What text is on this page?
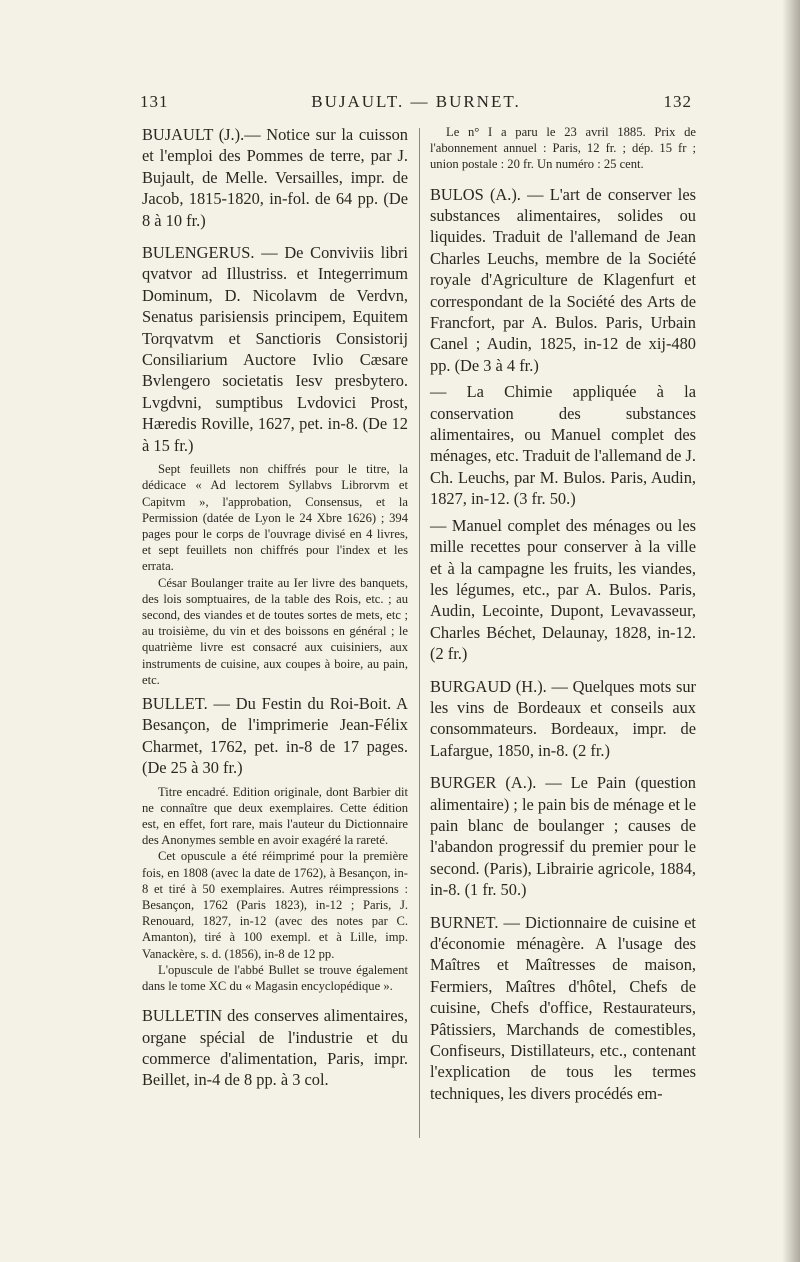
131	BUJAULT. — BURNET.	132

BUJAULT (J.).— Notice sur la cuisson et l'emploi des Pommes de terre, par J. Bujault, de Melle. Versailles, impr. de Jacob, 1815-1820, in-fol. de 64 pp. (De 8 à 10 fr.)

BULENGERUS. — De Conviviis libri qvatvor ad Illustriss. et Integerrimum Dominum, D. Nicolavm de Verdvn, Senatus parisiensis principem, Equitem Torqvatvm et Sanctioris Consistorij Consiliarium Auctore Ivlio Cæsare Bvlengero societatis Iesv presbytero. Lvgdvni, sumptibus Lvdovici Prost, Hæredis Roville, 1627, pet. in-8. (De 12 à 15 fr.)

Sept feuillets non chiffrés pour le titre, la dédicace « Ad lectorem Syllabvs Librorvm et Capitvm », l'approbation, Consensus, et la Permission (datée de Lyon le 24 Xbre 1626) ; 394 pages pour le corps de l'ouvrage divisé en 4 livres, et sept feuillets non chiffrés pour l'index et les errata.

César Boulanger traite au Ier livre des banquets, des lois somptuaires, de la table des Rois, etc. ; au second, des viandes et de toutes sortes de mets, etc ; au troisième, du vin et des boissons en général ; le quatrième livre est consacré aux cuisiniers, aux instruments de cuisine, aux coupes à boire, au pain, etc.

BULLET. — Du Festin du Roi-Boit. A Besançon, de l'imprimerie Jean-Félix Charmet, 1762, pet. in-8 de 17 pages. (De 25 à 30 fr.)

Titre encadré. Edition originale, dont Barbier dit ne connaître que deux exemplaires. Cette édition est, en effet, fort rare, mais l'auteur du Dictionnaire des Anonymes semble en avoir exagéré la rareté.

Cet opuscule a été réimprimé pour la première fois, en 1808 (avec la date de 1762), à Besançon, in-8 et tiré à 50 exemplaires. Autres réimpressions : Besançon, 1762 (Paris 1823), in-12 ; Paris, J. Renouard, 1827, in-12 (avec des notes par C. Amanton), tiré à 100 exempl. et à Lille, imp. Vanackère, s. d. (1856), in-8 de 12 pp.

L'opuscule de l'abbé Bullet se trouve également dans le tome XC du « Magasin encyclopédique ».

BULLETIN des conserves alimentaires, organe spécial de l'industrie et du commerce d'alimentation, Paris, impr. Beillet, in-4 de 8 pp. à 3 col.

Le n° I a paru le 23 avril 1885. Prix de l'abonnement annuel : Paris, 12 fr. ; dép. 15 fr ; union postale : 20 fr. Un numéro : 25 cent.

BULOS (A.). — L'art de conserver les substances alimentaires, solides ou liquides. Traduit de l'allemand de Jean Charles Leuchs, membre de la Société royale d'Agriculture de Klagenfurt et correspondant de la Société des Arts de Francfort, par A. Bulos. Paris, Urbain Canel ; Audin, 1825, in-12 de xij-480 pp. (De 3 à 4 fr.)

— La Chimie appliquée à la conservation des substances alimentaires, ou Manuel complet des ménages, etc. Traduit de l'allemand de J. Ch. Leuchs, par M. Bulos. Paris, Audin, 1827, in-12. (3 fr. 50.)

— Manuel complet des ménages ou les mille recettes pour conserver à la ville et à la campagne les fruits, les viandes, les légumes, etc., par A. Bulos. Paris, Audin, Lecointe, Dupont, Levavasseur, Charles Béchet, Delaunay, 1828, in-12. (2 fr.)

BURGAUD (H.). — Quelques mots sur les vins de Bordeaux et conseils aux consommateurs. Bordeaux, impr. de Lafargue, 1850, in-8. (2 fr.)

BURGER (A.). — Le Pain (question alimentaire) ; le pain bis de ménage et le pain blanc de boulanger ; causes de l'abandon progressif du premier pour le second. (Paris), Librairie agricole, 1884, in-8. (1 fr. 50.)

BURNET. — Dictionnaire de cuisine et d'économie ménagère. A l'usage des Maîtres et Maîtresses de maison, Fermiers, Maîtres d'hôtel, Chefs de cuisine, Chefs d'office, Restaurateurs, Pâtissiers, Marchands de comestibles, Confiseurs, Distillateurs, etc., contenant l'explication de tous les termes techniques, les divers procédés em-
